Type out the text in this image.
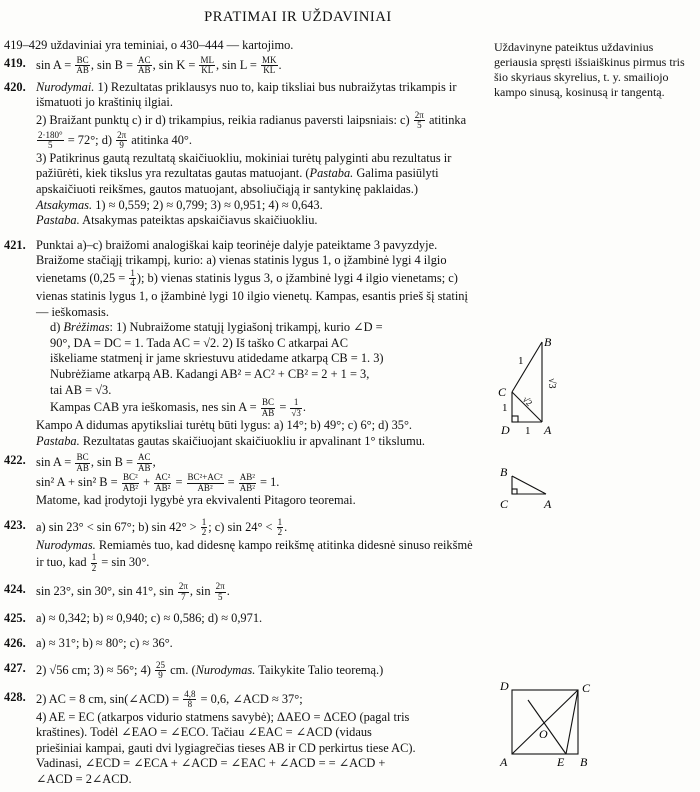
PRATIMAI IR UŽDAVINIAI

419–429 uždaviniai yra teminiai, o 430–444 — kartojimo.

419. $\sin A = \frac{BC}{AB}$ , $\sin B = \frac{AC}{AB}$ , $\sin K = \frac{ML}{KL}$ , $\sin L = \frac{MK}{KL}$ .
420. Nurodymai. 1) Rezultatas priklausys nuo to, kaip tiksliai bus nubraižytas trikampis ir išmatuoti jo kraštinių ilgiai.

2) Braižant punktų c) ir d) trikampius, reikia radianus paversti laipsniais: $c) \frac{2\pi}{5}$ atitinka
$\frac{2\cdot 180^\circ}{5} = 72^\circ$; $d) \frac{2\pi}{9}$ atitinka 40°.

3) Patikrinus gautą rezultatą skaičiuokliu, mokiniai turėtų palyginti abu rezultatus ir pažiūrėti, kiek tikslus yra rezultatas gautas matuojant. (Pastaba. Galima pasiūlyti apskaičiuoti reikšmes, gautos matuojant, absoliučiąją ir santykinę paklaidas.)

Atsakymas. 1) ≈ 0,559; 2) ≈ 0,799; 3) ≈ 0,951; 4) ≈ 0,643.

Pastaba. Atsakymas pateiktas apskaičiavus skaičiuokliu.

421. Punktai a)–c) braižomi analogiškai kaip teorinėje dalyje pateiktame 3 pavyzdyje. Braižome stačiąjį trikampį, kurio: a) vienas statinis lygus 1, o įžambinė lygi 4 ilgio vienetams ($0,25 = \frac{1}{4}$ ); b) vienas statinis lygus 3, o įžambinė lygi 4 ilgio vienetams; c) vienas statinis lygus 1, o įžambinė lygi 10 ilgio vienetų. Kampas, esantis prieš šį statinį — ieškomasis.

d) Brėžimas: 1) Nubraižome statųjį lygiašonį trikampį, kurio ∠D = 90°, DA = DC = 1. Tada AC = √2. 2) Iš taško C atkarpai AC iškeliame statmenį ir jame skriestuvu atidedame atkarpą CB = 1. 3) Nubrėžiame atkarpą AB. Kadangi AB² = AC² + CB² = 2 + 1 = 3, tai AB = √3.

Kampas CAB yra ieškomasis, nes $\sin A = \frac{BC}{AB} = \frac{1}{√3}$ .

Kampo A didumas apytiksliai turėtų būti lygus: a) 14°; b) 49°; c) 6°; d) 35°.

Pastaba. Rezultatas gautas skaičiuojant skaičiuokliu ir apvalinant 1° tikslumu.

422. $\sin A = \frac{BC}{AB}$ , $\sin B = \frac{AC}{AB}$ ,

sin² A + sin² $B = \frac{\text{BC²}}{\text{AB²}} + \frac{\text{AC²}}{\text{AB²}} = \frac{\text{BC²+AC²}}{\text{AB²}} = \frac{\text{AB²}}{\text{AB²}} = 1$.

Matome, kad įrodytoji lygybė yra ekvivalenti Pitagoro teoremai.

423. a) sin 23° < sin 67°; b) $\sin 42^\circ > \frac{1}{2}$ ; c) $\sin 24^\circ < \frac{1}{2}$ .

Nurodymas. Remiamės tuo, kad didesnę kampo reikšmę atitinka didesnė sinuso reikšmė ir tuo, kad $\frac{1}{2} = \sin 30^\circ$.

424. sin 23°, sin 30°, sin 41°, $\sin \frac{2\pi}{7}$ , $\sin \frac{2\pi}{5}$ .
425. a) ≈ 0,342; b) ≈ 0,940; c) ≈ 0,586; d) ≈ 0,971.
426. a) ≈ 31°; b) ≈ 80°; c) ≈ 36°.
427. 2) √56 cm; 3) ≈ 56°; $4) \frac{25}{9}$ cm. (Nurodymas. Taikykite Talio teoremą.)
428. 2) AC = 8 cm, sin(∠ACD) = $\frac{4,8}{8} = 0,6$, ∠ACD ≈ 37°;

4) AE = EC (atkarpos vidurio statmens savybė); ΔAEO = ΔCEO (pagal tris kraštines). Todėl ∠EAO = ∠ECO. Tačiau ∠EAC = ∠ACD (vidaus priešiniai kampai, gauti dvi lygiagrečias tieses AB ir CD perkirtus tiese AC). Vadinasi, ∠ECD = ∠ECA + ∠ACD = ∠EAC + ∠ACD = = ∠ACD + ∠ACD = 2∠ACD.

Uždavinyne pateiktus uždavinius geriausia spręsti išsiaiškinus pirmus tris šio skyriaus skyrelius, t. y. smailiojo kampo sinusą, kosinusą ir tangentą.
B
C
D	A
1
1
1
√3
√2
B
C	A
D	C
O
A	E B
